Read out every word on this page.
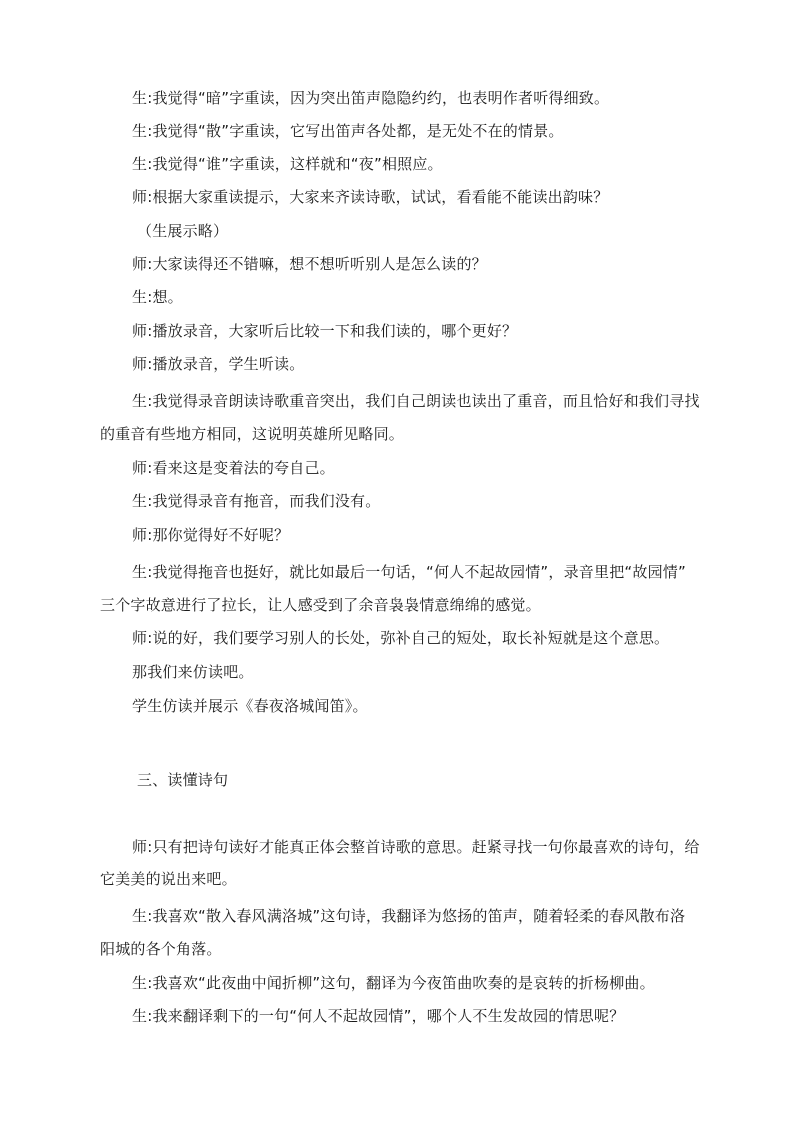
生:我觉得“暗”字重读，因为突出笛声隐隐约约，也表明作者听得细致。
生:我觉得“散”字重读，它写出笛声各处都，是无处不在的情景。
生:我觉得“谁”字重读，这样就和“夜”相照应。
师:根据大家重读提示，大家来齐读诗歌，试试，看看能不能读出韵味？
（生展示略）
师:大家读得还不错嘛，想不想听听别人是怎么读的？
生:想。
师:播放录音，大家听后比较一下和我们读的，哪个更好？
师:播放录音，学生听读。
生:我觉得录音朗读诗歌重音突出，我们自己朗读也读出了重音，而且恰好和我们寻找
的重音有些地方相同，这说明英雄所见略同。
师:看来这是变着法的夸自己。
生:我觉得录音有拖音，而我们没有。
师:那你觉得好不好呢？
生:我觉得拖音也挺好，就比如最后一句话，“何人不起故园情”，录音里把“故园情”
三个字故意进行了拉长，让人感受到了余音袅袅情意绵绵的感觉。
师:说的好，我们要学习别人的长处，弥补自己的短处，取长补短就是这个意思。
那我们来仿读吧。
学生仿读并展示《春夜洛城闻笛》。
三、读懂诗句
师:只有把诗句读好才能真正体会整首诗歌的意思。赶紧寻找一句你最喜欢的诗句，给
它美美的说出来吧。
生:我喜欢“散入春风满洛城”这句诗，我翻译为悠扬的笛声，随着轻柔的春风散布洛
阳城的各个角落。
生:我喜欢“此夜曲中闻折柳”这句，翻译为今夜笛曲吹奏的是哀转的折杨柳曲。
生:我来翻译剩下的一句“何人不起故园情”，哪个人不生发故园的情思呢？
